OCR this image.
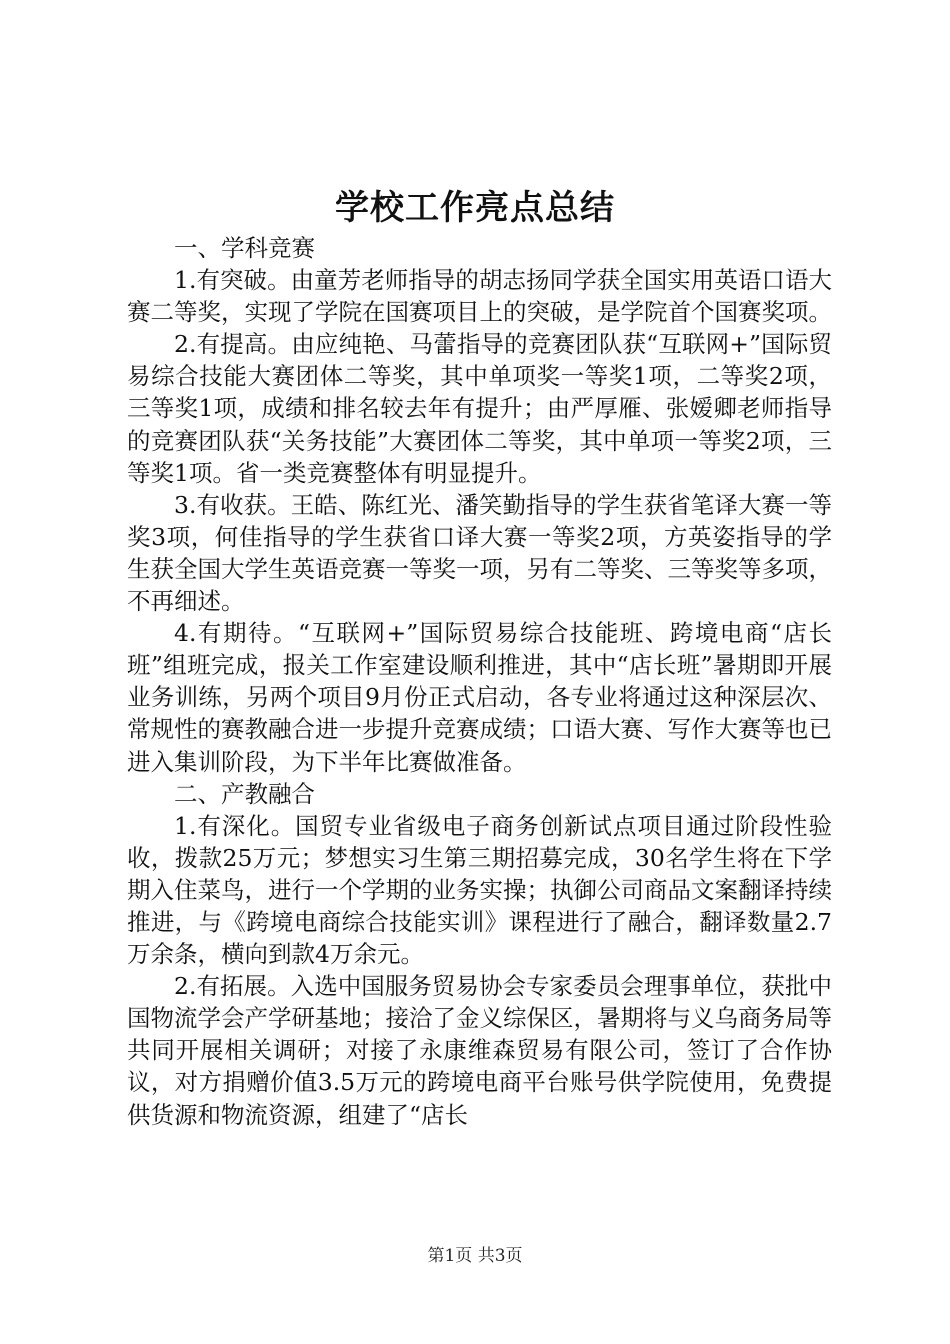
学校工作亮点总结

一、学科竞赛

1.有突破。由童芳老师指导的胡志扬同学获全国实用英语口语大赛二等奖，实现了学院在国赛项目上的突破，是学院首个国赛奖项。

2.有提高。由应纯艳、马蕾指导的竞赛团队获“互联网+”国际贸易综合技能大赛团体二等奖，其中单项奖一等奖1项，二等奖2项，三等奖1项，成绩和排名较去年有提升；由严厚雁、张嫒卿老师指导的竞赛团队获“关务技能”大赛团体二等奖，其中单项一等奖2项，三等奖1项。省一类竞赛整体有明显提升。

3.有收获。王皓、陈红光、潘笑勤指导的学生获省笔译大赛一等奖3项，何佳指导的学生获省口译大赛一等奖2项，方英姿指导的学生获全国大学生英语竞赛一等奖一项，另有二等奖、三等奖等多项，不再细述。

4.有期待。“互联网+”国际贸易综合技能班、跨境电商“店长班”组班完成，报关工作室建设顺利推进，其中“店长班”暑期即开展业务训练，另两个项目9月份正式启动，各专业将通过这种深层次、常规性的赛教融合进一步提升竞赛成绩；口语大赛、写作大赛等也已进入集训阶段，为下半年比赛做准备。

二、产教融合

1.有深化。国贸专业省级电子商务创新试点项目通过阶段性验收，拨款25万元；梦想实习生第三期招募完成，30名学生将在下学期入住菜鸟，进行一个学期的业务实操；执御公司商品文案翻译持续推进，与《跨境电商综合技能实训》课程进行了融合，翻译数量2.7万余条，横向到款4万余元。

2.有拓展。入选中国服务贸易协会专家委员会理事单位，获批中国物流学会产学研基地；接洽了金义综保区，暑期将与义乌商务局等共同开展相关调研；对接了永康维森贸易有限公司，签订了合作协议，对方捐赠价值3.5万元的跨境电商平台账号供学院使用，免费提供货源和物流资源，组建了“店长

第1页 共3页
